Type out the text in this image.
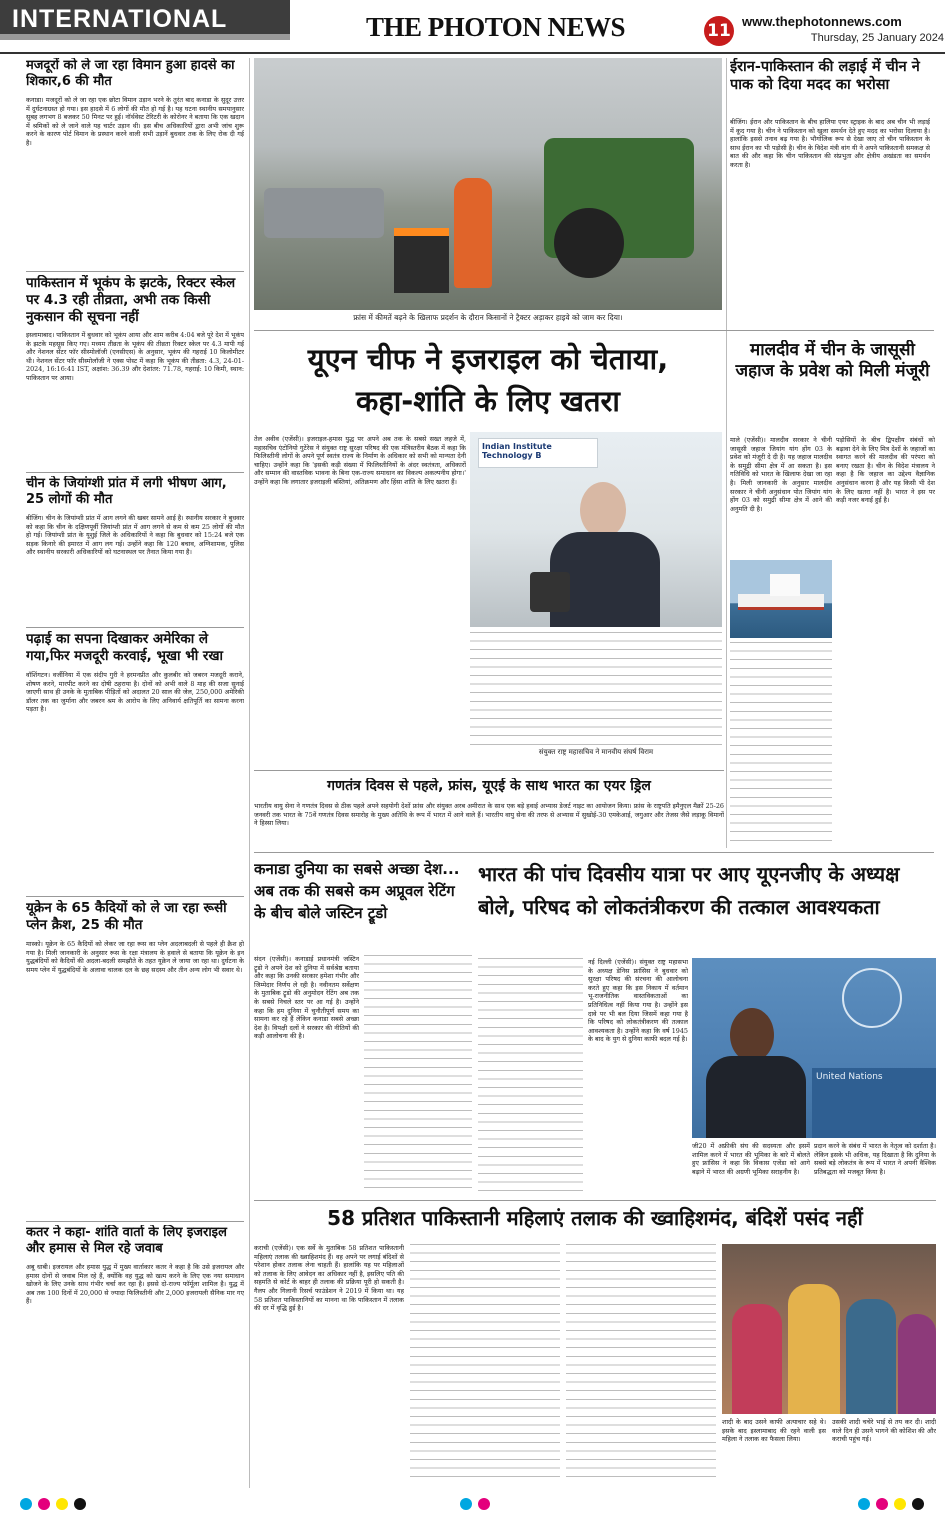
INTERNATIONAL	THE PHOTON NEWS	11 www.thephotonnews.com
Thursday, 25 January 2024
मजदूरों को ले जा रहा विमान हुआ हादसे का शिकार,6 की मौत
कनाडा। मजदूरों को ले जा रहा एक छोटा विमान उड़ान भरने के तुरंत बाद कनाडा के सुदूर उत्तर में दुर्घटनाग्रस्त हो गया। इस हादसे में 6 लोगों की मौत हो गई है। यह घटना स्थानीय समयानुसार सुबह लगभग 8 बजकर 50 मिनट पर हुई। नॉर्थवेस्ट टेरिटरी के कोरोनर ने बताया कि एक खदान में श्रमिकों को ले जाने वाले यह चार्टर उड़ान थी। इस बीच अधिकारियों द्वारा अभी जांच शुरू करने के कारण पोर्ट विमान के प्रस्थान करने वाली सभी उड़ानें बुधवार तक के लिए रोक दी गई है।
पाकिस्तान में भूकंप के झटके, रिक्टर स्केल पर 4.3 रही तीव्रता, अभी तक किसी नुकसान की सूचना नहीं
इस्लामाबाद। पाकिस्तान में बुधवार को भूकंप आया और शाम करीब 4:04 बजे पूरे देश में भूकंप के झटके महसूस किए गए। मध्यम तीव्रता के भूकंप की तीव्रता रिक्टर स्केल पर 4.3 मापी गई और नेशनल सेंटर फॉर सीस्मोलॉजी (एनसीएस) के अनुसार, भूकंप की गहराई 10 किलोमीटर थी। नेशनल सेंटर फॉर सीस्मोलॉजी ने एक्स पोस्ट में कहा कि भूकंप की तीव्रता: 4.3, 24-01-2024, 16:16:41 IST, अक्षांश: 36.39 और देशांतर: 71.78, गहराई: 10 किमी, स्थान: पाकिस्तान पर आया।
चीन के जियांग्शी प्रांत में लगी भीषण आग, 25 लोगों की मौत
बीजिंग। चीन के जियांग्शी प्रांत में आग लगने की खबर सामने आई है। स्थानीय सरकार ने बुधवार को कहा कि चीन के दक्षिणपूर्वी जियांग्शी प्रांत में आग लगने से कम से कम 25 लोगों की मौत हो गई। जियांग्शी प्रांत के यूशुई जिले के अधिकारियों ने कहा कि बुधवार को 15:24 बजे एक सड़क किनारे की इमारत में आग लग गई। उन्होंने कहा कि 120 बचाव, अग्निशामक, पुलिस और स्थानीय सरकारी अधिकारियों को घटनास्थल पर तैनात किया गया है।
पढ़ाई का सपना दिखाकर अमेरिका ले गया,फिर मजदूरी करवाई, भूखा भी रखा
वॉशिंगटन। वर्जीनिया में एक संदीप गुरी ने हरमनप्रीत और कुलबीर को जबरन मजदूरी कराने, शोषण करने, मारपीट करने का दोषी ठहराया है। दोनों को अभी वाले 8 माह की सजा सुनाई जाएगी साथ ही उनके के मुताबिक पीड़ितों को अदालत 20 साल की जेल, 250,000 अमेरिकी डॉलर तक का जुर्माना और जबरन श्रम के आरोप के लिए अनिवार्य क्षतिपूर्ति का सामना करना पड़ता है।
यूक्रेन के 65 कैदियों को ले जा रहा रूसी प्लेन क्रैश, 25 की मौत
मास्को। यूक्रेन के 65 कैदियों को लेकर जा रहा रूस का प्लेन अदलाबदली से पहले ही क्रैश हो गया है। मिली जानकारी के अनुसार रूस के रक्षा मंत्रालय के हवाले से बताया कि यूक्रेन के इन युद्धबंदियों को कैदियों की अदला-बदली समझौते के तहत यूक्रेन ले जाया जा रहा था। दुर्घटना के समय प्लेन में युद्धबंदियों के अलावा चालक दल के छह सदस्य और तीन अन्य लोग भी सवार थे।
कतर ने कहा- शांति वार्ता के लिए इजराइल और हमास से मिल रहे जवाब
अबू धाबी। इजरायल और हमास युद्ध में मुख्य वार्ताकार कतर ने कहा है कि उसे इजरायल और हमास दोनों से जवाब मिल रहे हैं, क्योंकि वह युद्ध को खत्म करने के लिए एक नया समाधान खोजने के लिए उनके साथ गंभीर चर्चा कर रहा है। इससे दो-राज्य फॉर्मूला शामिल है। युद्ध में अब तक 100 दिनों में 20,000 से ज्यादा फिलिस्तीनी और 2,000 इजरायली सैनिक मार गए हैं।
फ्रांस में कीमतें बढ़ने के खिलाफ प्रदर्शन के दौरान किसानों ने ट्रैक्टर अड़ाकर हाइवे को जाम कर दिया।
ईरान-पाकिस्तान की लड़ाई में चीन ने पाक को दिया मदद का भरोसा
बीजिंग। ईरान और पाकिस्तान के बीच हालिया एयर स्ट्राइक के बाद अब चीन भी लड़ाई में कूद गया है। चीन ने पाकिस्तान को खुला समर्थन देते हुए मदद का भरोसा दिलाया है। हालांकि इससे तनाव बढ़ गया है। भौगोलिक रूप से देखा जाए तो चीन पाकिस्तान के साथ ईरान का भी पड़ोसी है। चीन के विदेश मंत्री वांग यी ने अपने पाकिस्तानी समकक्ष से बात की और कहा कि चीन पाकिस्तान की संप्रभुता और क्षेत्रीय अखंडता का समर्थन करता है।
यूएन चीफ ने इजराइल को चेताया,
कहा-शांति के लिए खतरा
तेल अवीव (एजेंसी)। इजराइल-हमास युद्ध पर अपने अब तक के सबसे सख्त लहजे में, महासचिव एंटोनियो गुटेरेस ने संयुक्त राष्ट्र सुरक्षा परिषद की एक मंत्रिस्तरीय बैठक में कहा कि फिलिस्तीनी लोगों के अपने पूर्ण स्वतंत्र राज्य के निर्माण के अधिकार को सभी को मान्यता देनी चाहिए। उन्होंने कहा कि 'इसकी कड़ी संख्या में फिलिस्तीनियों के अंदर स्वतंत्रता, अधिकारों और सम्मान की वास्तविक भावना के बिना एक-राज्य समाधान का विकल्प अकल्पनीय होगा।' उन्होंने कहा कि लगातार इजराइली बस्तियां, अतिक्रमण और हिंसा शांति के लिए खतरा हैं।
Indian Institute Technology B
संयुक्त राष्ट्र महासचिव ने मानवीय संघर्ष विराम
मालदीव में चीन के जासूसी जहाज के प्रवेश को मिली मंजूरी
माले (एजेंसी)। मालदीव सरकार ने चीनी जासूसी जहाज जियांग यांग होंग 03 के प्रवेश को मंजूरी दे दी है। यह जहाज मालदीव के समुद्री सीमा क्षेत्र में आ सकता है। इस गतिविधि को भारत के खिलाफ देखा जा रहा है। मिली जानकारी के अनुसार मालदीव सरकार ने चीनी अनुसंधान पोत जियांग यांग होंग 03 को समुद्री सीमा क्षेत्र में आने की अनुमति दी है।
पड़ोसियों के बीच द्विपक्षीय संबंधों को बढ़ावा देने के लिए मित्र देशों के जहाजों का स्वागत करने की मालदीव की परंपरा को बनाए रखता है। चीन के विदेश मंत्रालय ने कहा है कि जहाज का उद्देश्य वैज्ञानिक अनुसंधान करना है और यह किसी भी देश के लिए खतरा नहीं है। भारत ने इस पर कड़ी नजर बनाई हुई है।
गणतंत्र दिवस से पहले, फ्रांस, यूएई के साथ भारत का एयर ड्रिल
भारतीय वायु सेना ने गणतंत्र दिवस से ठीक पहले अपने सहयोगी देशों फ्रांस और संयुक्त अरब अमीरात के साथ एक बड़े हवाई अभ्यास डेजर्ट नाइट का आयोजन किया। फ्रांस के राष्ट्रपति इमैनुएल मैक्रों 25-26 जनवरी तक भारत के 75वें गणतंत्र दिवस समारोह के मुख्य अतिथि के रूप में भारत में आने वाले हैं। भारतीय वायु सेना की तरफ से अभ्यास में सुखोई-30 एमकेआई, जगुआर और तेजस जैसे लड़ाकू विमानों ने हिस्सा लिया।
कनाडा दुनिया का सबसे अच्छा देश...
अब तक की सबसे कम अप्रूवल रेटिंग
के बीच बोले जस्टिन ट्रूडो
संदन (एजेंसी)। कनाडाई प्रधानमंत्री जस्टिन ट्रूडो ने अपने देश को दुनिया में सर्वश्रेष्ठ बताया और कहा कि उनकी सरकार हमेशा गंभीर और जिम्मेदार निर्णय ले रही है। नवीनतम सर्वेक्षण के मुताबिक ट्रूडो की अनुमोदन रेटिंग अब तक के सबसे निचले स्तर पर आ गई है। उन्होंने कहा कि हम दुनिया में चुनौतीपूर्ण समय का सामना कर रहे हैं लेकिन कनाडा सबसे अच्छा देश है। विपक्षी दलों ने सरकार की नीतियों की कड़ी आलोचना की है।
भारत की पांच दिवसीय यात्रा पर आए यूएनजीए के अध्यक्ष
बोले, परिषद को लोकतंत्रीकरण की तत्काल आवश्यकता
नई दिल्ली (एजेंसी)। संयुक्त राष्ट्र महासभा के अध्यक्ष डेनिस फ्रांसिस ने बुधवार को सुरक्षा परिषद की संरचना की आलोचना करते हुए कहा कि इस निकाय में वर्तमान भू-राजनीतिक वास्तविकताओं का प्रतिनिधित्व नहीं किया गया है। उन्होंने इस दावे पर भी बल दिया जिसमें कहा गया है कि परिषद को लोकतंत्रीकरण की तत्काल आवश्यकता है। उन्होंने कहा कि वर्ष 1945 के बाद के युग से दुनिया काफी बदल गई है।
United Nations
जी20 में अफ्रीकी संघ की सदस्यता और इसमें शामिल करने में भारत की भूमिका के बारे में बोलते हुए फ्रांसिस ने कहा कि विकास एजेंडा को आगे बढ़ाने में भारत की अग्रणी भूमिका सराहनीय है।
प्रदान करने के संबंध में भारत के नेतृत्व को दर्शाता है। लेकिन इसके भी अधिक, यह दिखाता है कि दुनिया के सबसे बड़े लोकतंत्र के रूप में भारत ने अपनी वैश्विक प्रतिबद्धता को मजबूत किया है।
58 प्रतिशत पाकिस्तानी महिलाएं तलाक की ख्वाहिशमंद, बंदिशें पसंद नहीं
कराची (एजेंसी)। एक सर्वे के मुताबिक 58 प्रतिशत पाकिस्तानी महिलाएं तलाक की ख्वाहिशमंद हैं। वह अपने पर लगाई बंदिशों से परेशान होकर तलाक लेना चाहती हैं। हालांकि यह पर महिलाओं को तलाक के लिए आवेदन का अधिकार नहीं है, इसलिए पति की सहमति से कोर्ट के बाहर ही तलाक की प्रक्रिया पूरी हो सकती है। गैलप और गिलानी रिसर्च फाउंडेशन ने 2019 में किया था। यह 58 प्रतिशत पाकिस्तानियों का मानना था कि पाकिस्तान में तलाक की दर में वृद्धि हुई है।
शादी के बाद उसने काफी अत्याचार सहे थे। इसके बाद इस्लामाबाद की रहने वाली इस महिला ने तलाक का फैसला लिया।
उसकी शादी चचेरे भाई से तय कर दी। शादी वाले दिन ही उसने भागने की कोशिश की और कराची पहुंच गई।
